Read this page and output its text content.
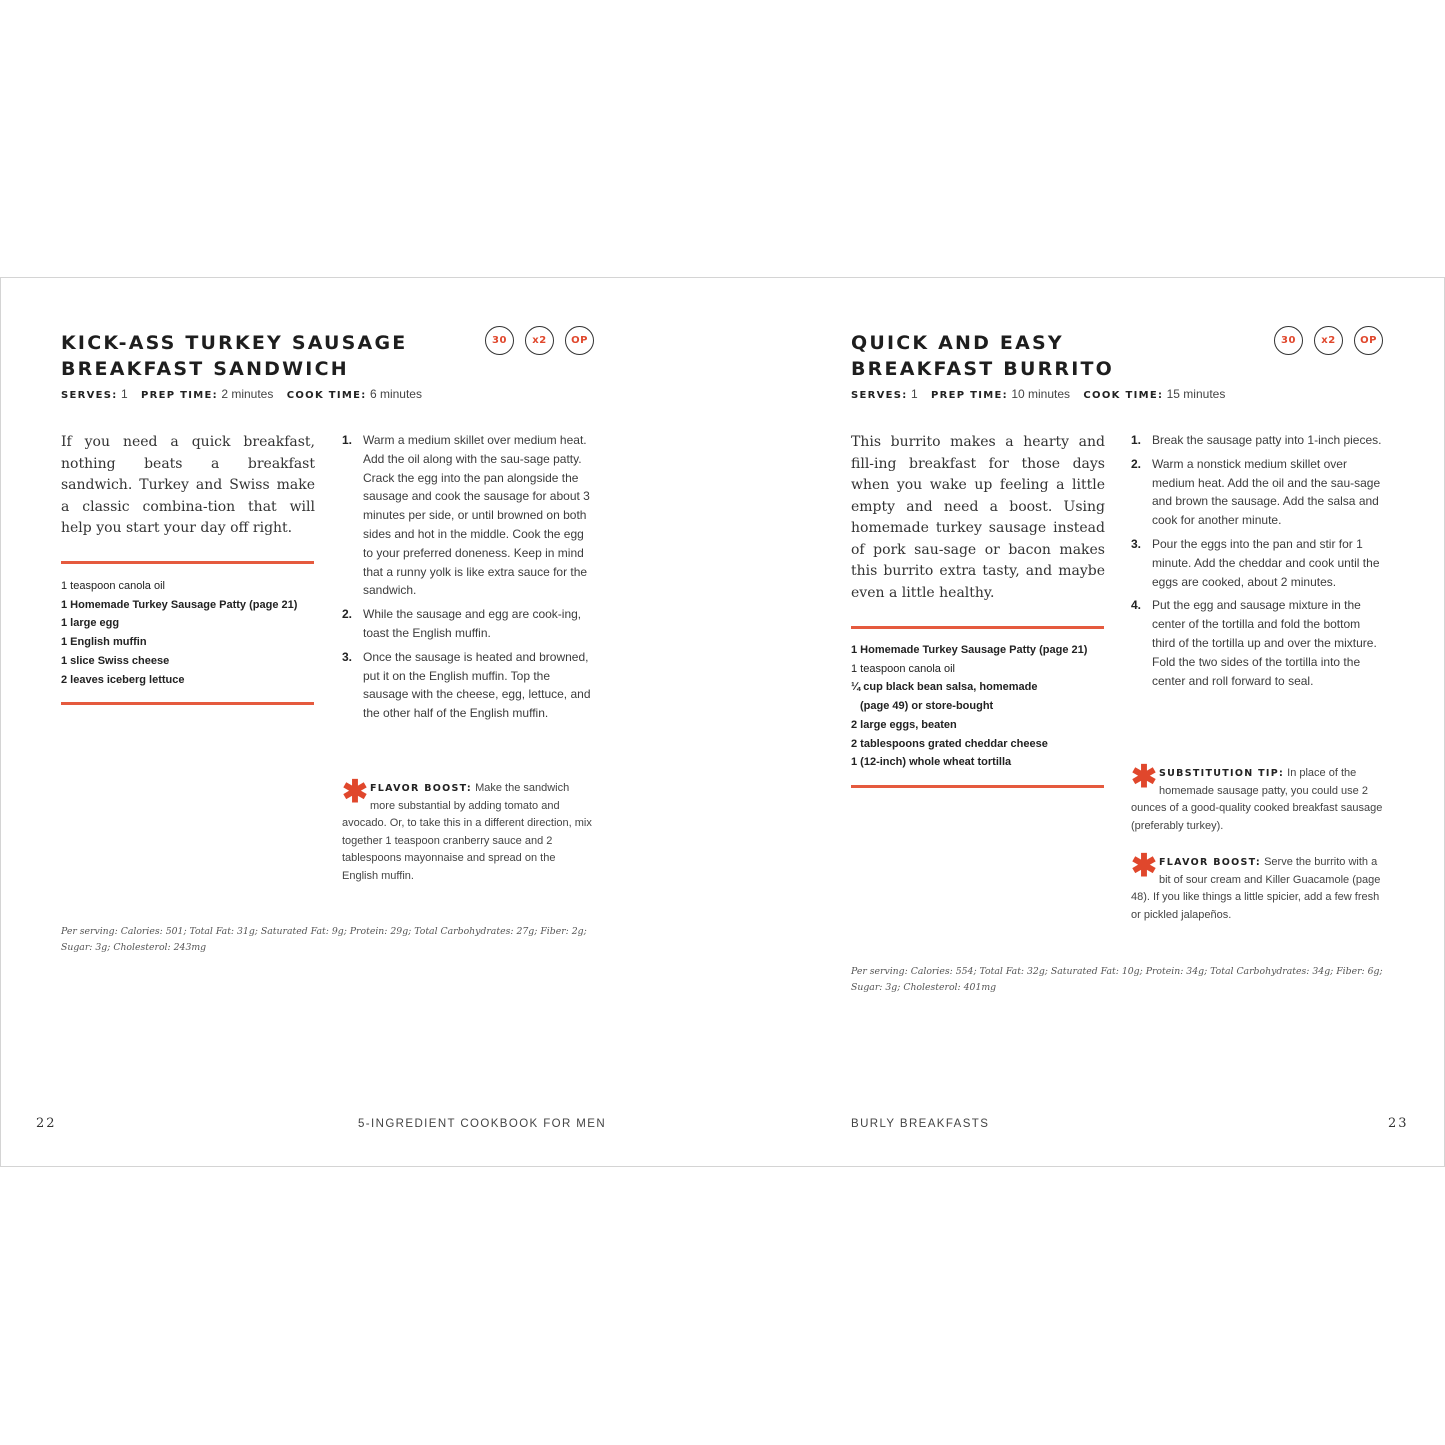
KICK-ASS TURKEY SAUSAGE
BREAKFAST SANDWICH
30	x2	OP
SERVES: 1 PREP TIME: 2 minutes COOK TIME: 6 minutes

If you need a quick breakfast, nothing beats a breakfast sandwich. Turkey and Swiss make a classic combina-tion that will help you start your day off right.

1 teaspoon canola oil
1 Homemade Turkey Sausage Patty (page 21)
1 large egg
1 English muffin
1 slice Swiss cheese
2 leaves iceberg lettuce
1. Warm a medium skillet over medium heat. Add the oil along with the sau-sage patty. Crack the egg into the pan alongside the sausage and cook the sausage for about 3 minutes per side, or until browned on both sides and hot in the middle. Cook the egg to your preferred doneness. Keep in mind that a runny yolk is like extra sauce for the sandwich.
2. While the sausage and egg are cook-ing, toast the English muffin.
3. Once the sausage is heated and browned, put it on the English muffin. Top the sausage with the cheese, egg, lettuce, and the other half of the English muffin.
✱ FLAVOR BOOST: Make the sandwich more substantial by adding tomato and avocado. Or, to take this in a different direction, mix together 1 teaspoon cranberry sauce and 2 tablespoons mayonnaise and spread on the English muffin.

Per serving: Calories: 501; Total Fat: 31g; Saturated Fat: 9g; Protein: 29g; Total Carbohydrates: 27g; Fiber: 2g; Sugar: 3g; Cholesterol: 243mg

22	5-INGREDIENT COOKBOOK FOR MEN
QUICK AND EASY
BREAKFAST BURRITO
30	x2	OP
SERVES: 1 PREP TIME: 10 minutes COOK TIME: 15 minutes

This burrito makes a hearty and fill-ing breakfast for those days when you wake up feeling a little empty and need a boost. Using homemade turkey sausage instead of pork sau-sage or bacon makes this burrito extra tasty, and maybe even a little healthy.

1 Homemade Turkey Sausage Patty (page 21)
1 teaspoon canola oil
¼ cup black bean salsa, homemade
(page 49) or store-bought
2 large eggs, beaten
2 tablespoons grated cheddar cheese
1 (12-inch) whole wheat tortilla
1. Break the sausage patty into 1-inch pieces.
2. Warm a nonstick medium skillet over medium heat. Add the oil and the sau-sage and brown the sausage. Add the salsa and cook for another minute.
3. Pour the eggs into the pan and stir for 1 minute. Add the cheddar and cook until the eggs are cooked, about 2 minutes.
4. Put the egg and sausage mixture in the center of the tortilla and fold the bottom third of the tortilla up and over the mixture. Fold the two sides of the tortilla into the center and roll forward to seal.
✱ SUBSTITUTION TIP: In place of the homemade sausage patty, you could use 2 ounces of a good-quality cooked breakfast sausage (preferably turkey).
✱ FLAVOR BOOST: Serve the burrito with a bit of sour cream and Killer Guacamole (page 48). If you like things a little spicier, add a few fresh or pickled jalapeños.

Per serving: Calories: 554; Total Fat: 32g; Saturated Fat: 10g; Protein: 34g; Total Carbohydrates: 34g; Fiber: 6g; Sugar: 3g; Cholesterol: 401mg

BURLY BREAKFASTS	23
